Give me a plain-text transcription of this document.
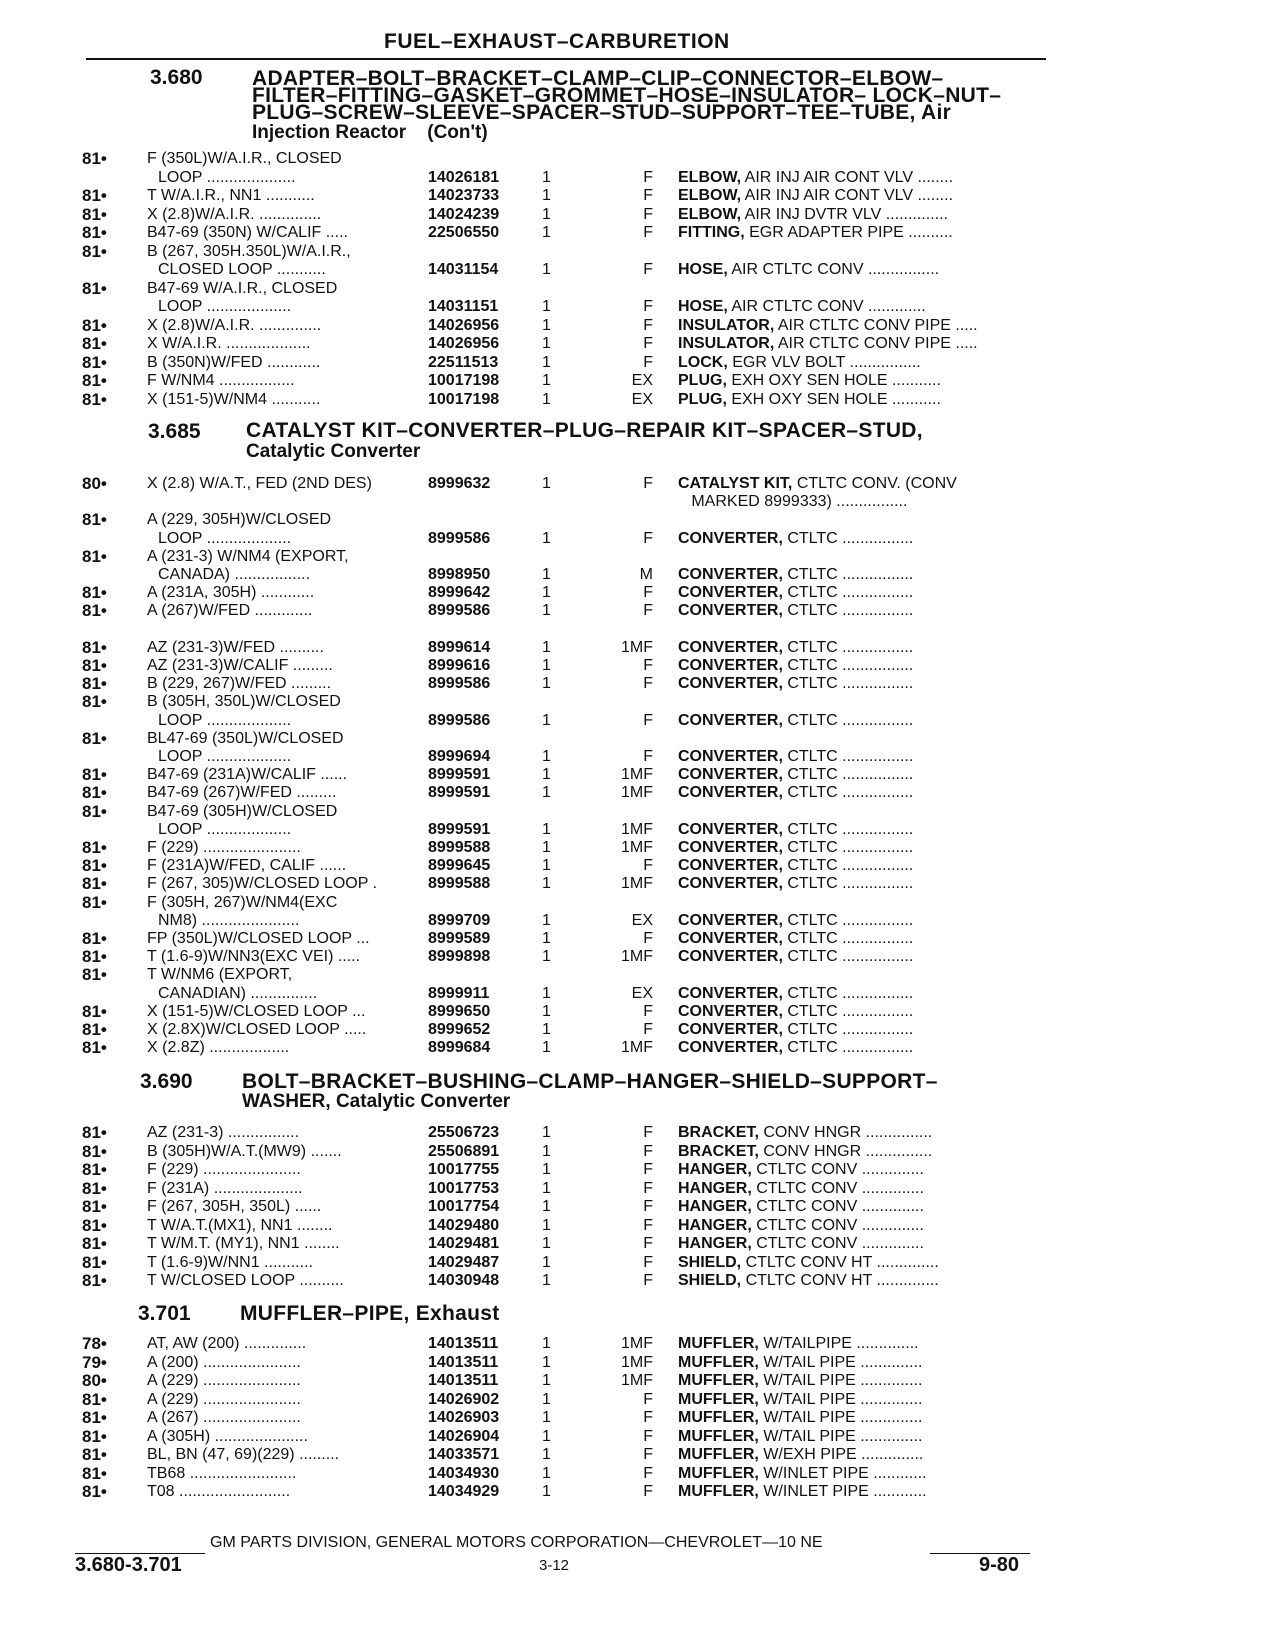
FUEL–EXHAUST–CARBURETION
3.680 ADAPTER–BOLT–BRACKET–CLAMP–CLIP–CONNECTOR–ELBOW–
FILTER–FITTING–GASKET–GROMMET–HOSE–INSULATOR– LOCK–NUT–
PLUG–SCREW–SLEEVE–SPACER–STUD–SUPPORT–TEE–TUBE, Air
Injection Reactor    (Con't)
81•	F (350L)W/A.I.R., CLOSED
LOOP ....................	14026181	1	F ELBOW, AIR INJ AIR CONT VLV ........
81•	T W/A.I.R., NN1 ...........	14023733	1	F ELBOW, AIR INJ AIR CONT VLV ........
81•	X (2.8)W/A.I.R. ..............	14024239	1	F ELBOW, AIR INJ DVTR VLV ..............
81•	B47-69 (350N) W/CALIF .....	22506550	1	F FITTING, EGR ADAPTER PIPE ..........
81•	B (267, 305H.350L)W/A.I.R.,
CLOSED LOOP ...........	14031154	1	F HOSE, AIR CTLTC CONV ................
81•	B47-69 W/A.I.R., CLOSED
LOOP ...................	14031151	1	F HOSE, AIR CTLTC CONV .............
81•	X (2.8)W/A.I.R. ..............	14026956	1	F INSULATOR, AIR CTLTC CONV PIPE .....
81•	X W/A.I.R. ...................	14026956	1	F INSULATOR, AIR CTLTC CONV PIPE .....
81•	B (350N)W/FED ............	22511513	1	F LOCK, EGR VLV BOLT ................
81•	F W/NM4 .................	10017198	1	EX PLUG, EXH OXY SEN HOLE ...........
81•	X (151-5)W/NM4 ...........	10017198	1	EX PLUG, EXH OXY SEN HOLE ...........
3.685 CATALYST KIT–CONVERTER–PLUG–REPAIR KIT–SPACER–STUD,
Catalytic Converter
80•	X (2.8) W/A.T., FED (2ND DES)	8999632	1	F CATALYST KIT, CTLTC CONV. (CONV
MARKED 8999333) ................
81•	A (229, 305H)W/CLOSED
LOOP ...................	8999586	1	F CONVERTER, CTLTC ................
81•	A (231-3) W/NM4 (EXPORT,
CANADA) .................	8998950	1	M CONVERTER, CTLTC ................
81•	A (231A, 305H) ............	8999642	1	F CONVERTER, CTLTC ................
81•	A (267)W/FED .............	8999586	1	F CONVERTER, CTLTC ................
81•	AZ (231-3)W/FED ..........	8999614	1	1MF CONVERTER, CTLTC ................
81•	AZ (231-3)W/CALIF .........	8999616	1	F CONVERTER, CTLTC ................
81•	B (229, 267)W/FED .........	8999586	1	F CONVERTER, CTLTC ................
81•	B (305H, 350L)W/CLOSED
LOOP ...................	8999586	1	F CONVERTER, CTLTC ................
81•	BL47-69 (350L)W/CLOSED
LOOP ...................	8999694	1	F CONVERTER, CTLTC ................
81•	B47-69 (231A)W/CALIF ......	8999591	1	1MF CONVERTER, CTLTC ................
81•	B47-69 (267)W/FED .........	8999591	1	1MF CONVERTER, CTLTC ................
81•	B47-69 (305H)W/CLOSED
LOOP ...................	8999591	1	1MF CONVERTER, CTLTC ................
81•	F (229) ......................	8999588	1	1MF CONVERTER, CTLTC ................
81•	F (231A)W/FED, CALIF ......	8999645	1	F CONVERTER, CTLTC ................
81•	F (267, 305)W/CLOSED LOOP .	8999588	1	1MF CONVERTER, CTLTC ................
81•	F (305H, 267)W/NM4(EXC
NM8) ......................	8999709	1	EX CONVERTER, CTLTC ................
81•	FP (350L)W/CLOSED LOOP ...	8999589	1	F CONVERTER, CTLTC ................
81•	T (1.6-9)W/NN3(EXC VEI) .....	8999898	1	1MF CONVERTER, CTLTC ................
81•	T W/NM6 (EXPORT,
CANADIAN) ...............	8999911	1	EX CONVERTER, CTLTC ................
81•	X (151-5)W/CLOSED LOOP ...	8999650	1	F CONVERTER, CTLTC ................
81•	X (2.8X)W/CLOSED LOOP .....	8999652	1	F CONVERTER, CTLTC ................
81•	X (2.8Z) ..................	8999684	1	1MF CONVERTER, CTLTC ................
3.690 BOLT–BRACKET–BUSHING–CLAMP–HANGER–SHIELD–SUPPORT–
WASHER, Catalytic Converter
81•	AZ (231-3) ................	25506723	1	F BRACKET, CONV HNGR ...............
81•	B (305H)W/A.T.(MW9) .......	25506891	1	F BRACKET, CONV HNGR ...............
81•	F (229) ......................	10017755	1	F HANGER, CTLTC CONV ..............
81•	F (231A) ....................	10017753	1	F HANGER, CTLTC CONV ..............
81•	F (267, 305H, 350L) ......	10017754	1	F HANGER, CTLTC CONV ..............
81•	T W/A.T.(MX1), NN1 ........	14029480	1	F HANGER, CTLTC CONV ..............
81•	T W/M.T. (MY1), NN1 ........	14029481	1	F HANGER, CTLTC CONV ..............
81•	T (1.6-9)W/NN1 ...........	14029487	1	F SHIELD, CTLTC CONV HT ..............
81•	T W/CLOSED LOOP ..........	14030948	1	F SHIELD, CTLTC CONV HT ..............
3.701 MUFFLER–PIPE, Exhaust
78•	AT, AW (200) ..............	14013511	1	1MF MUFFLER, W/TAILPIPE ..............
79•	A (200) ......................	14013511	1	1MF MUFFLER, W/TAIL PIPE ..............
80•	A (229) ......................	14013511	1	1MF MUFFLER, W/TAIL PIPE ..............
81•	A (229) ......................	14026902	1	F MUFFLER, W/TAIL PIPE ..............
81•	A (267) ......................	14026903	1	F MUFFLER, W/TAIL PIPE ..............
81•	A (305H) .....................	14026904	1	F MUFFLER, W/TAIL PIPE ..............
81•	BL, BN (47, 69)(229) .........	14033571	1	F MUFFLER, W/EXH PIPE ..............
81•	TB68 ........................	14034930	1	F MUFFLER, W/INLET PIPE ............
81•	T08 .........................	14034929	1	F MUFFLER, W/INLET PIPE ............
GM PARTS DIVISION, GENERAL MOTORS CORPORATION—CHEVROLET—10 NE
3.680-3.701	3-12	9-80
